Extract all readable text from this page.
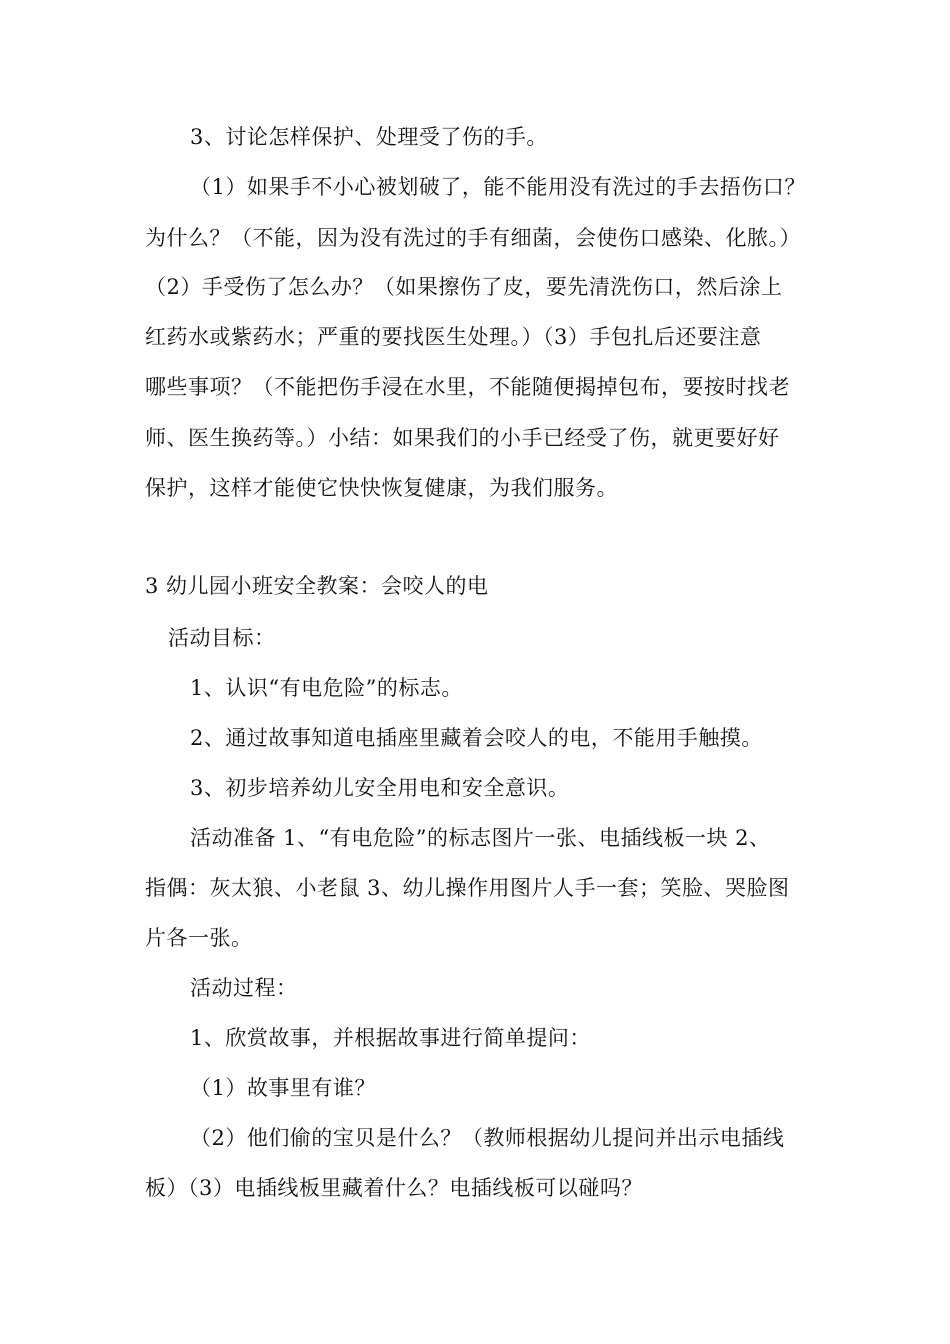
3、讨论怎样保护、处理受了伤的手。
（1）如果手不小心被划破了，能不能用没有洗过的手去捂伤口？
为什么？（不能，因为没有洗过的手有细菌，会使伤口感染、化脓。）
（2）手受伤了怎么办？（如果擦伤了皮，要先清洗伤口，然后涂上
红药水或紫药水；严重的要找医生处理。）（3）手包扎后还要注意
哪些事项？（不能把伤手浸在水里，不能随便揭掉包布，要按时找老
师、医生换药等。）小结：如果我们的小手已经受了伤，就更要好好
保护，这样才能使它快快恢复健康，为我们服务。
3 幼儿园小班安全教案：会咬人的电
活动目标：
1、认识“有电危险”的标志。
2、通过故事知道电插座里藏着会咬人的电，不能用手触摸。
3、初步培养幼儿安全用电和安全意识。
活动准备 1、“有电危险”的标志图片一张、电插线板一块 2、
指偶：灰太狼、小老鼠 3、幼儿操作用图片人手一套；笑脸、哭脸图
片各一张。
活动过程：
1、欣赏故事，并根据故事进行简单提问：
（1）故事里有谁？
（2）他们偷的宝贝是什么？（教师根据幼儿提问并出示电插线
板）（3）电插线板里藏着什么？电插线板可以碰吗？
